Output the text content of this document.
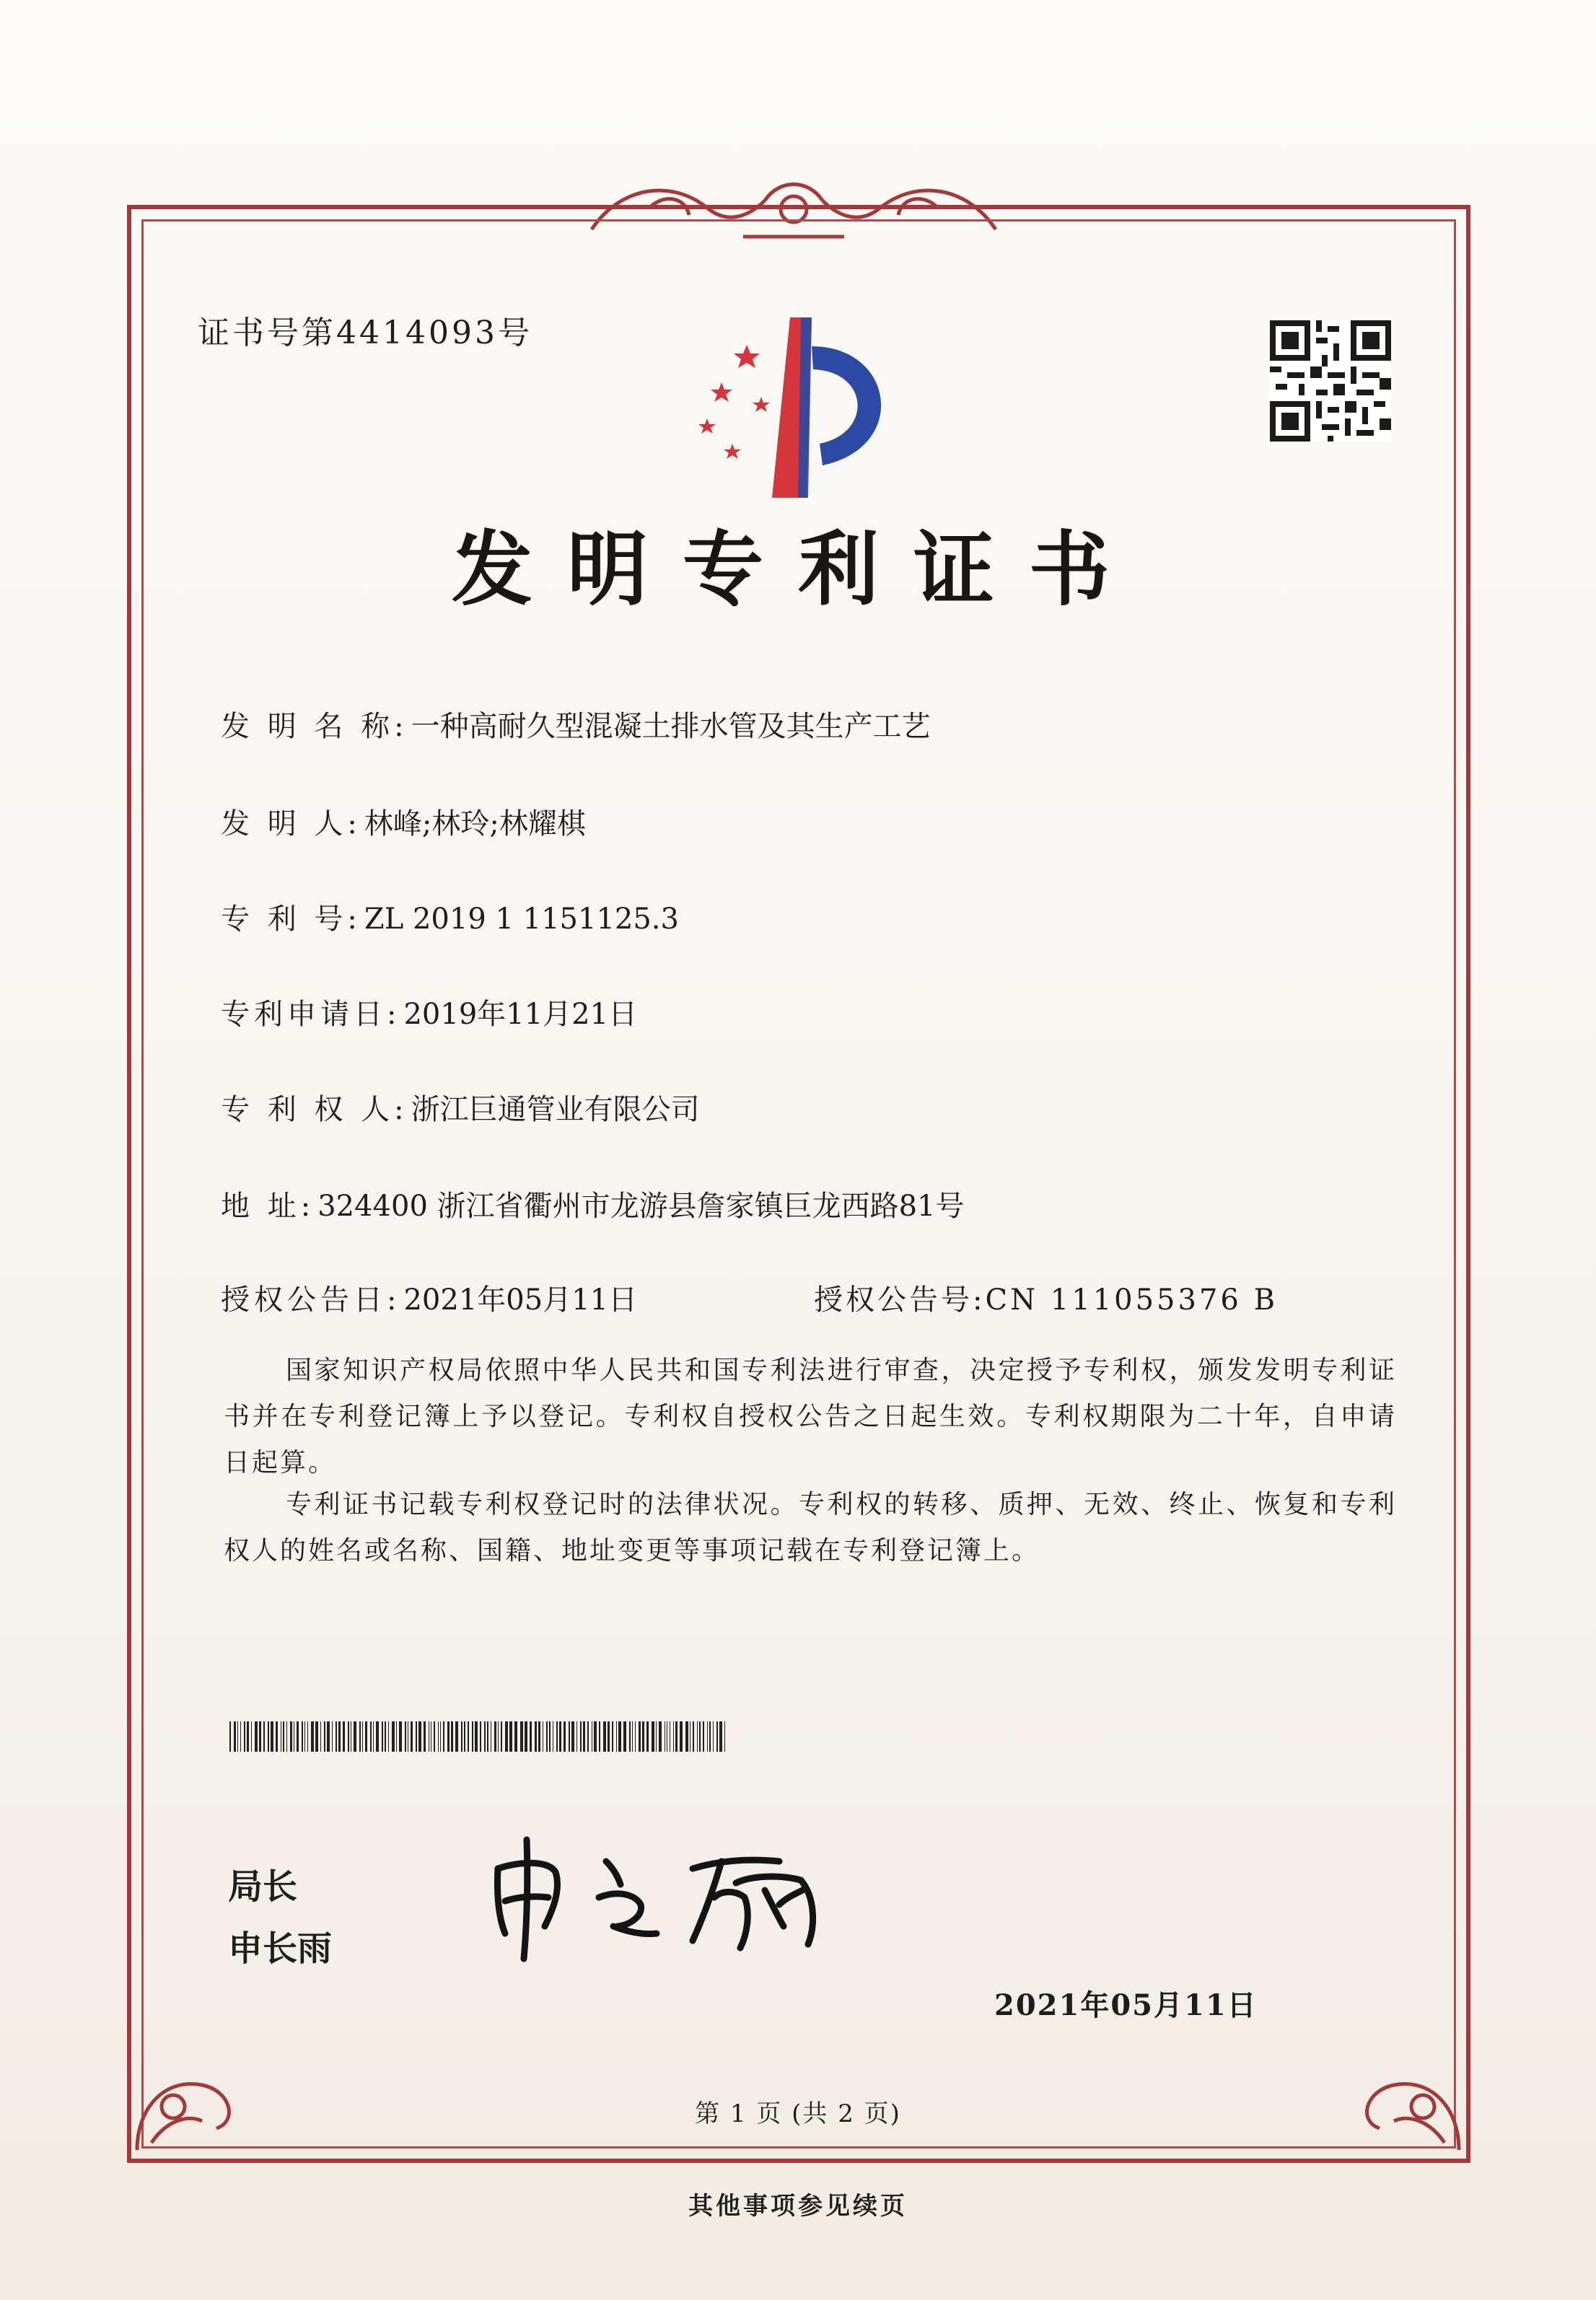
证书号第4414093号
发明专利证书
发 明 名 称: 一种高耐久型混凝土排水管及其生产工艺
发 明 人: 林峰;林玲;林耀棋
专 利 号: ZL 2019 1 1151125.3
专利申请日: 2019年11月21日
专 利 权 人: 浙江巨通管业有限公司
地 址: 324400 浙江省衢州市龙游县詹家镇巨龙西路81号
授权公告日: 2021年05月11日	授权公告号:CN 111055376 B
国家知识产权局依照中华人民共和国专利法进行审查，决定授予专利权，颁发发明专利证书并在专利登记簿上予以登记。专利权自授权公告之日起生效。专利权期限为二十年，自申请日起算。
专利证书记载专利权登记时的法律状况。专利权的转移、质押、无效、终止、恢复和专利权人的姓名或名称、国籍、地址变更等事项记载在专利登记簿上。
局长
申长雨
2021年05月11日
第 1 页 (共 2 页)
其他事项参见续页
